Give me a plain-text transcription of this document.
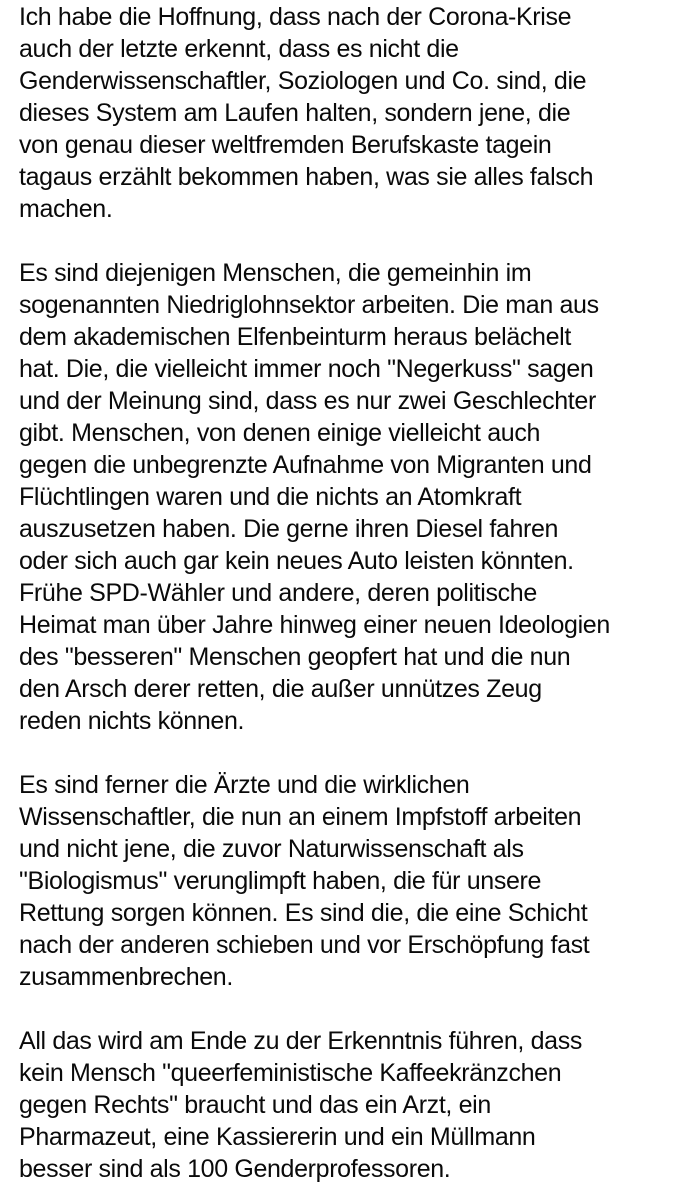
Ich habe die Hoffnung, dass nach der Corona-Krise
auch der letzte erkennt, dass es nicht die
Genderwissenschaftler, Soziologen und Co. sind, die
dieses System am Laufen halten, sondern jene, die
von genau dieser weltfremden Berufskaste tagein
tagaus erzählt bekommen haben, was sie alles falsch
machen.
Es sind diejenigen Menschen, die gemeinhin im
sogenannten Niedriglohnsektor arbeiten. Die man aus
dem akademischen Elfenbeinturm heraus belächelt
hat. Die, die vielleicht immer noch "Negerkuss" sagen
und der Meinung sind, dass es nur zwei Geschlechter
gibt. Menschen, von denen einige vielleicht auch
gegen die unbegrenzte Aufnahme von Migranten und
Flüchtlingen waren und die nichts an Atomkraft
auszusetzen haben. Die gerne ihren Diesel fahren
oder sich auch gar kein neues Auto leisten könnten.
Frühe SPD-Wähler und andere, deren politische
Heimat man über Jahre hinweg einer neuen Ideologien
des "besseren" Menschen geopfert hat und die nun
den Arsch derer retten, die außer unnützes Zeug
reden nichts können.
Es sind ferner die Ärzte und die wirklichen
Wissenschaftler, die nun an einem Impfstoff arbeiten
und nicht jene, die zuvor Naturwissenschaft als
"Biologismus" verunglimpft haben, die für unsere
Rettung sorgen können. Es sind die, die eine Schicht
nach der anderen schieben und vor Erschöpfung fast
zusammenbrechen.
All das wird am Ende zu der Erkenntnis führen, dass
kein Mensch "queerfeministische Kaffeekränzchen
gegen Rechts" braucht und das ein Arzt, ein
Pharmazeut, eine Kassiererin und ein Müllmann
besser sind als 100 Genderprofessoren.
